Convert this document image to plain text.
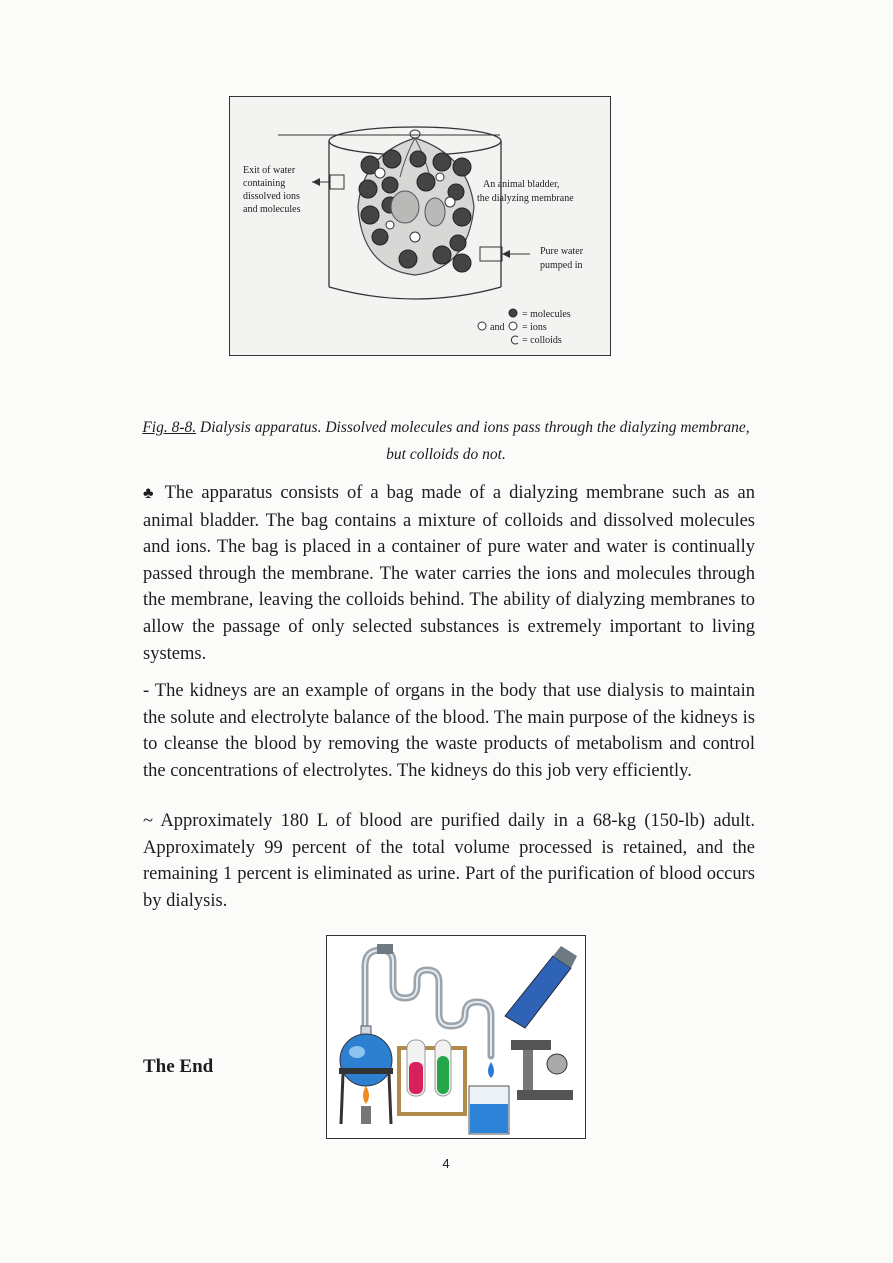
Exit of water
containing
dissolved ions
and molecules
An animal bladder,
the dialyzing membrane
Pure water
pumped in
= molecules
and = ions
= colloids
Fig. 8-8. Dialysis apparatus. Dissolved molecules and ions pass through the dialyzing membrane, but colloids do not.
♣ The apparatus consists of a bag made of a dialyzing membrane such as an animal bladder. The bag contains a mixture of colloids and dissolved molecules and ions. The bag is placed in a container of pure water and water is continually passed through the membrane. The water carries the ions and molecules through the membrane, leaving the colloids behind. The ability of dialyzing membranes to allow the passage of only selected substances is extremely important to living systems.
- The kidneys are an example of organs in the body that use dialysis to maintain the solute and electrolyte balance of the blood. The main purpose of the kidneys is to cleanse the blood by removing the waste products of metabolism and control the concentrations of electrolytes. The kidneys do this job very efficiently.
~ Approximately 180 L of blood are purified daily in a 68-kg (150-lb) adult. Approximately 99 percent of the total volume processed is retained, and the remaining 1 percent is eliminated as urine. Part of the purification of blood occurs by dialysis.
The End
4
